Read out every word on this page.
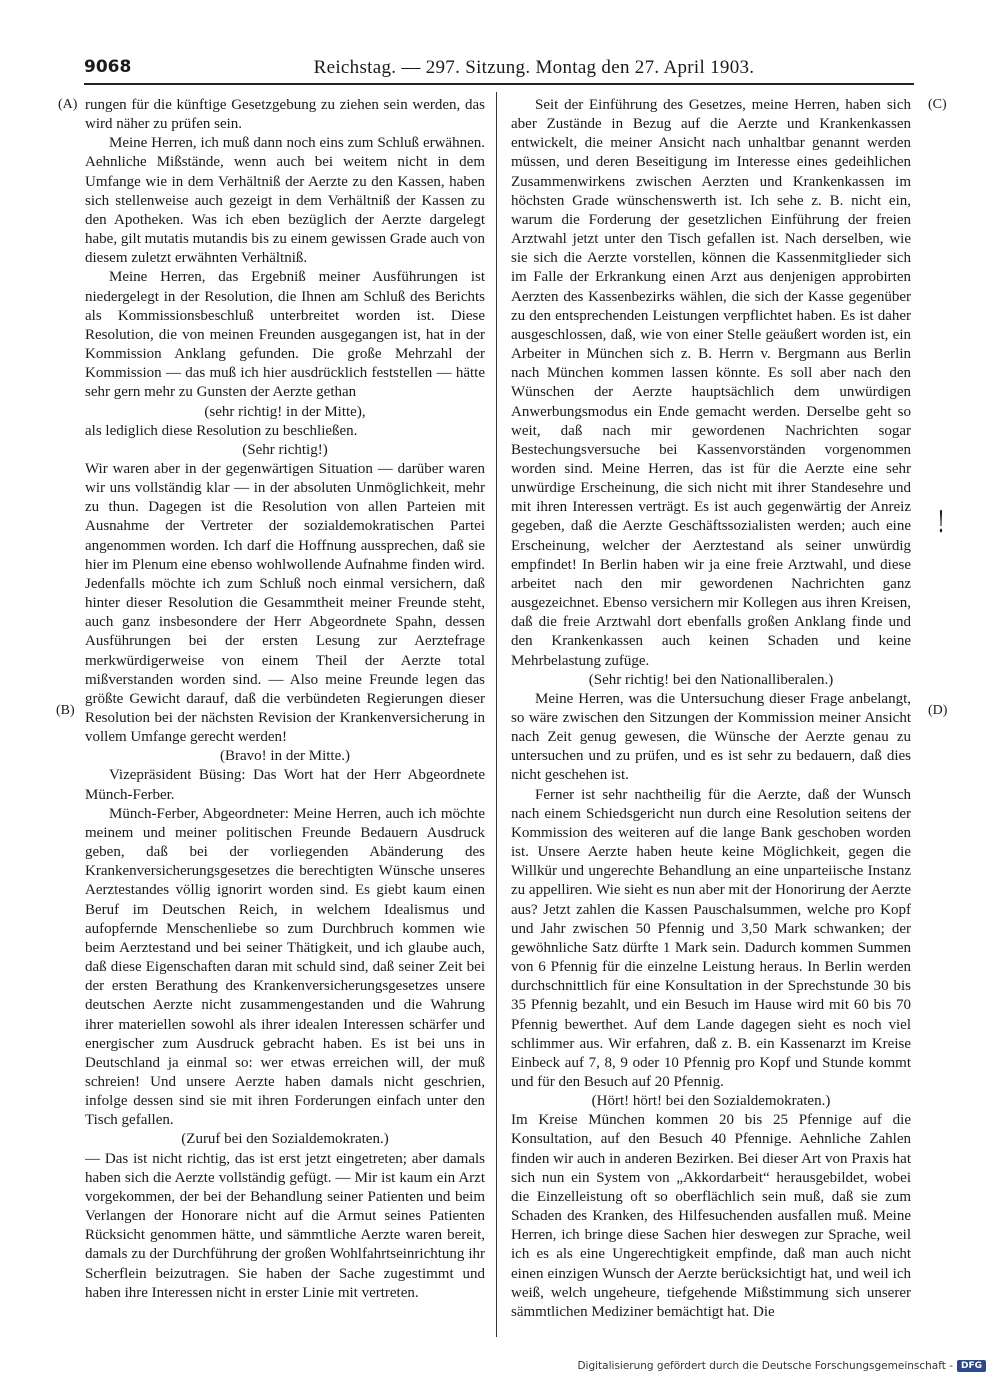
9068	Reichstag. — 297. Sitzung. Montag den 27. April 1903.
(A)
(B)
(C)
(D)
!

rungen für die künftige Gesetzgebung zu ziehen sein werden, das wird näher zu prüfen sein.

Meine Herren, ich muß dann noch eins zum Schluß erwähnen. Aehnliche Mißstände, wenn auch bei weitem nicht in dem Umfange wie in dem Verhältniß der Aerzte zu den Kassen, haben sich stellenweise auch gezeigt in dem Verhältniß der Kassen zu den Apotheken. Was ich eben bezüglich der Aerzte dargelegt habe, gilt mutatis mutandis bis zu einem gewissen Grade auch von diesem zuletzt erwähnten Verhältniß.

Meine Herren, das Ergebniß meiner Ausführungen ist niedergelegt in der Resolution, die Ihnen am Schluß des Berichts als Kommissionsbeschluß unterbreitet worden ist. Diese Resolution, die von meinen Freunden ausgegangen ist, hat in der Kommission Anklang gefunden. Die große Mehrzahl der Kommission — das muß ich hier ausdrücklich feststellen — hätte sehr gern mehr zu Gunsten der Aerzte gethan

(sehr richtig! in der Mitte),

als lediglich diese Resolution zu beschließen.

(Sehr richtig!)

Wir waren aber in der gegenwärtigen Situation — darüber waren wir uns vollständig klar — in der absoluten Unmöglichkeit, mehr zu thun. Dagegen ist die Resolution von allen Parteien mit Ausnahme der Vertreter der sozialdemokratischen Partei angenommen worden. Ich darf die Hoffnung aussprechen, daß sie hier im Plenum eine ebenso wohlwollende Aufnahme finden wird. Jedenfalls möchte ich zum Schluß noch einmal versichern, daß hinter dieser Resolution die Gesammtheit meiner Freunde steht, auch ganz insbesondere der Herr Abgeordnete Spahn, dessen Ausführungen bei der ersten Lesung zur Aerztefrage merkwürdigerweise von einem Theil der Aerzte total mißverstanden worden sind. — Also meine Freunde legen das größte Gewicht darauf, daß die verbündeten Regierungen dieser Resolution bei der nächsten Revision der Krankenversicherung in vollem Umfange gerecht werden!

(Bravo! in der Mitte.)

Vizepräsident Büsing: Das Wort hat der Herr Abgeordnete Münch-Ferber.

Münch-Ferber, Abgeordneter: Meine Herren, auch ich möchte meinem und meiner politischen Freunde Bedauern Ausdruck geben, daß bei der vorliegenden Abänderung des Krankenversicherungsgesetzes die berechtigten Wünsche unseres Aerztestandes völlig ignorirt worden sind. Es giebt kaum einen Beruf im Deutschen Reich, in welchem Idealismus und aufopfernde Menschenliebe so zum Durchbruch kommen wie beim Aerztestand und bei seiner Thätigkeit, und ich glaube auch, daß diese Eigenschaften daran mit schuld sind, daß seiner Zeit bei der ersten Berathung des Krankenversicherungsgesetzes unsere deutschen Aerzte nicht zusammengestanden und die Wahrung ihrer materiellen sowohl als ihrer idealen Interessen schärfer und energischer zum Ausdruck gebracht haben. Es ist bei uns in Deutschland ja einmal so: wer etwas erreichen will, der muß schreien! Und unsere Aerzte haben damals nicht geschrien, infolge dessen sind sie mit ihren Forderungen einfach unter den Tisch gefallen.

(Zuruf bei den Sozialdemokraten.)

— Das ist nicht richtig, das ist erst jetzt eingetreten; aber damals haben sich die Aerzte vollständig gefügt. — Mir ist kaum ein Arzt vorgekommen, der bei der Behandlung seiner Patienten und beim Verlangen der Honorare nicht auf die Armut seines Patienten Rücksicht genommen hätte, und sämmtliche Aerzte waren bereit, damals zu der Durchführung der großen Wohlfahrtseinrichtung ihr Scherflein beizutragen. Sie haben der Sache zugestimmt und haben ihre Interessen nicht in erster Linie mit vertreten.

Seit der Einführung des Gesetzes, meine Herren, haben sich aber Zustände in Bezug auf die Aerzte und Krankenkassen entwickelt, die meiner Ansicht nach unhaltbar genannt werden müssen, und deren Beseitigung im Interesse eines gedeihlichen Zusammenwirkens zwischen Aerzten und Krankenkassen im höchsten Grade wünschenswerth ist. Ich sehe z. B. nicht ein, warum die Forderung der gesetzlichen Einführung der freien Arztwahl jetzt unter den Tisch gefallen ist. Nach derselben, wie sie sich die Aerzte vorstellen, können die Kassenmitglieder sich im Falle der Erkrankung einen Arzt aus denjenigen approbirten Aerzten des Kassenbezirks wählen, die sich der Kasse gegenüber zu den entsprechenden Leistungen verpflichtet haben. Es ist daher ausgeschlossen, daß, wie von einer Stelle geäußert worden ist, ein Arbeiter in München sich z. B. Herrn v. Bergmann aus Berlin nach München kommen lassen könnte. Es soll aber nach den Wünschen der Aerzte hauptsächlich dem unwürdigen Anwerbungsmodus ein Ende gemacht werden. Derselbe geht so weit, daß nach mir gewordenen Nachrichten sogar Bestechungsversuche bei Kassenvorständen vorgenommen worden sind. Meine Herren, das ist für die Aerzte eine sehr unwürdige Erscheinung, die sich nicht mit ihrer Standesehre und mit ihren Interessen verträgt. Es ist auch gegenwärtig der Anreiz gegeben, daß die Aerzte Geschäftssozialisten werden; auch eine Erscheinung, welcher der Aerztestand als seiner unwürdig empfindet! In Berlin haben wir ja eine freie Arztwahl, und diese arbeitet nach den mir gewordenen Nachrichten ganz ausgezeichnet. Ebenso versichern mir Kollegen aus ihren Kreisen, daß die freie Arztwahl dort ebenfalls großen Anklang finde und den Krankenkassen auch keinen Schaden und keine Mehrbelastung zufüge.

(Sehr richtig! bei den Nationalliberalen.)

Meine Herren, was die Untersuchung dieser Frage anbelangt, so wäre zwischen den Sitzungen der Kommission meiner Ansicht nach Zeit genug gewesen, die Wünsche der Aerzte genau zu untersuchen und zu prüfen, und es ist sehr zu bedauern, daß dies nicht geschehen ist.

Ferner ist sehr nachtheilig für die Aerzte, daß der Wunsch nach einem Schiedsgericht nun durch eine Resolution seitens der Kommission des weiteren auf die lange Bank geschoben worden ist. Unsere Aerzte haben heute keine Möglichkeit, gegen die Willkür und ungerechte Behandlung an eine unparteiische Instanz zu appelliren. Wie sieht es nun aber mit der Honorirung der Aerzte aus? Jetzt zahlen die Kassen Pauschalsummen, welche pro Kopf und Jahr zwischen 50 Pfennig und 3,50 Mark schwanken; der gewöhnliche Satz dürfte 1 Mark sein. Dadurch kommen Summen von 6 Pfennig für die einzelne Leistung heraus. In Berlin werden durchschnittlich für eine Konsultation in der Sprechstunde 30 bis 35 Pfennig bezahlt, und ein Besuch im Hause wird mit 60 bis 70 Pfennig bewerthet. Auf dem Lande dagegen sieht es noch viel schlimmer aus. Wir erfahren, daß z. B. ein Kassenarzt im Kreise Einbeck auf 7, 8, 9 oder 10 Pfennig pro Kopf und Stunde kommt und für den Besuch auf 20 Pfennig.

(Hört! hört! bei den Sozialdemokraten.)

Im Kreise München kommen 20 bis 25 Pfennige auf die Konsultation, auf den Besuch 40 Pfennige. Aehnliche Zahlen finden wir auch in anderen Bezirken. Bei dieser Art von Praxis hat sich nun ein System von „Akkordarbeit“ herausgebildet, wobei die Einzelleistung oft so oberflächlich sein muß, daß sie zum Schaden des Kranken, des Hilfesuchenden ausfallen muß. Meine Herren, ich bringe diese Sachen hier deswegen zur Sprache, weil ich es als eine Ungerechtigkeit empfinde, daß man auch nicht einen einzigen Wunsch der Aerzte berücksichtigt hat, und weil ich weiß, welch ungeheure, tiefgehende Mißstimmung sich unserer sämmtlichen Mediziner bemächtigt hat. Die

Digitalisierung gefördert durch die Deutsche Forschungsgemeinschaft - DFG
